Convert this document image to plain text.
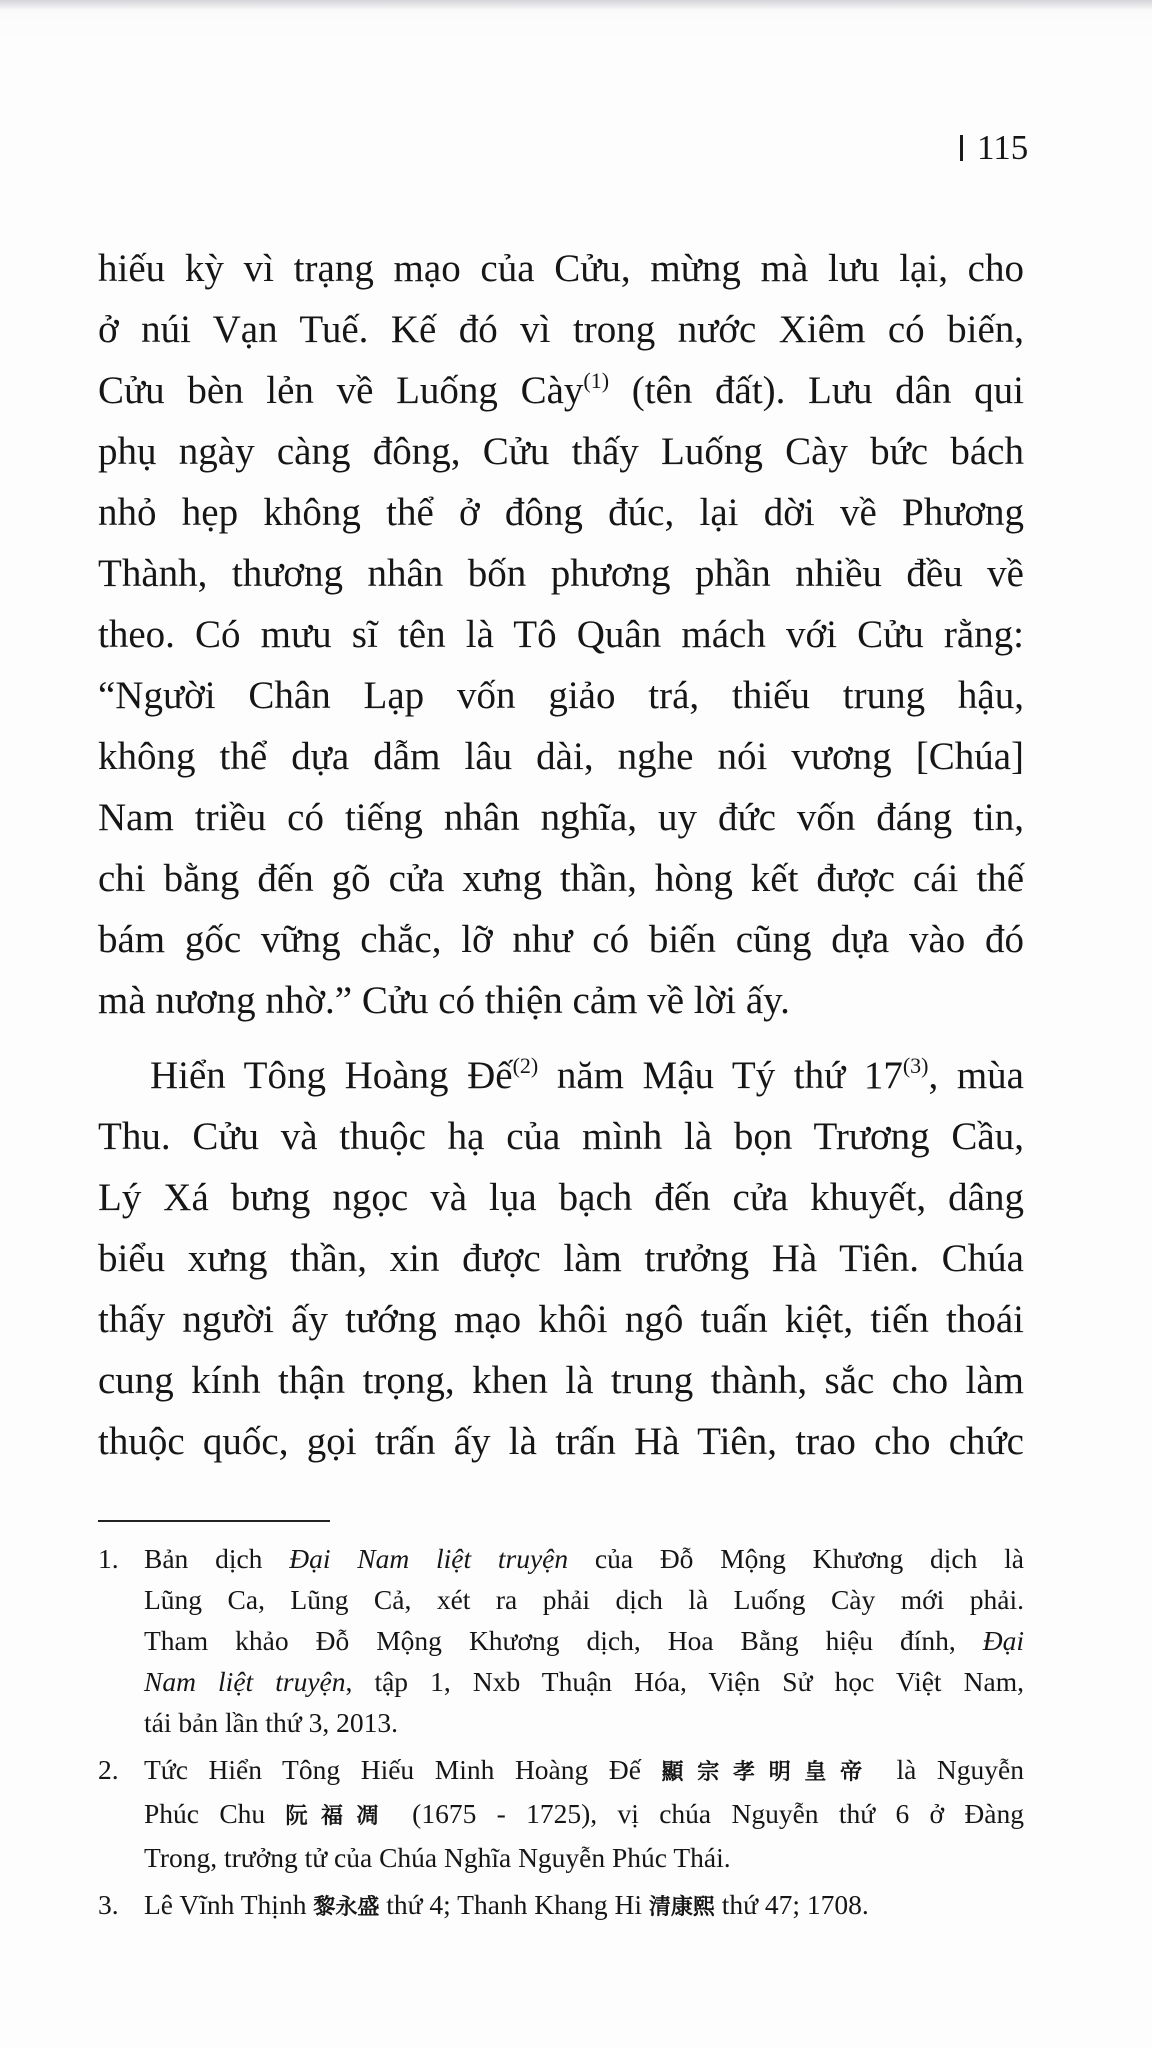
115
hiếu kỳ vì trạng mạo của Cửu, mừng mà lưu lại, cho
ở núi Vạn Tuế. Kế đó vì trong nước Xiêm có biến,
Cửu bèn lẻn về Luống Cày$^{(1)}$ (tên đất). Lưu dân qui
phụ ngày càng đông, Cửu thấy Luống Cày bức bách
nhỏ hẹp không thể ở đông đúc, lại dời về Phương
Thành, thương nhân bốn phương phần nhiều đều về
theo. Có mưu sĩ tên là Tô Quân mách với Cửu rằng:
“Người Chân Lạp vốn giảo trá, thiếu trung hậu,
không thể dựa dẫm lâu dài, nghe nói vương [Chúa]
Nam triều có tiếng nhân nghĩa, uy đức vốn đáng tin,
chi bằng đến gõ cửa xưng thần, hòng kết được cái thế
bám gốc vững chắc, lỡ như có biến cũng dựa vào đó
mà nương nhờ.” Cửu có thiện cảm về lời ấy.
Hiển Tông Hoàng Đế$^{(2)}$ năm Mậu Tý thứ 17$^{(3)}$, mùa
Thu. Cửu và thuộc hạ của mình là bọn Trương Cầu,
Lý Xá bưng ngọc và lụa bạch đến cửa khuyết, dâng
biểu xưng thần, xin được làm trưởng Hà Tiên. Chúa
thấy người ấy tướng mạo khôi ngô tuấn kiệt, tiến thoái
cung kính thận trọng, khen là trung thành, sắc cho làm
thuộc quốc, gọi trấn ấy là trấn Hà Tiên, trao cho chức
1. Bản dịch Đại Nam liệt truyện của Đỗ Mộng Khương dịch là
Lũng Ca, Lũng Cả, xét ra phải dịch là Luống Cày mới phải.
Tham khảo Đỗ Mộng Khương dịch, Hoa Bằng hiệu đính, Đại
Nam liệt truyện, tập 1, Nxb Thuận Hóa, Viện Sử học Việt Nam,
tái bản lần thứ 3, 2013.
2. Tức Hiển Tông Hiếu Minh Hoàng Đế 顯宗孝明皇帝 là Nguyễn
Phúc Chu 阮福凋 (1675 - 1725), vị chúa Nguyễn thứ 6 ở Đàng
Trong, trưởng tử của Chúa Nghĩa Nguyễn Phúc Thái.
3. Lê Vĩnh Thịnh 黎永盛 thứ 4; Thanh Khang Hi 清康熙 thứ 47; 1708.
